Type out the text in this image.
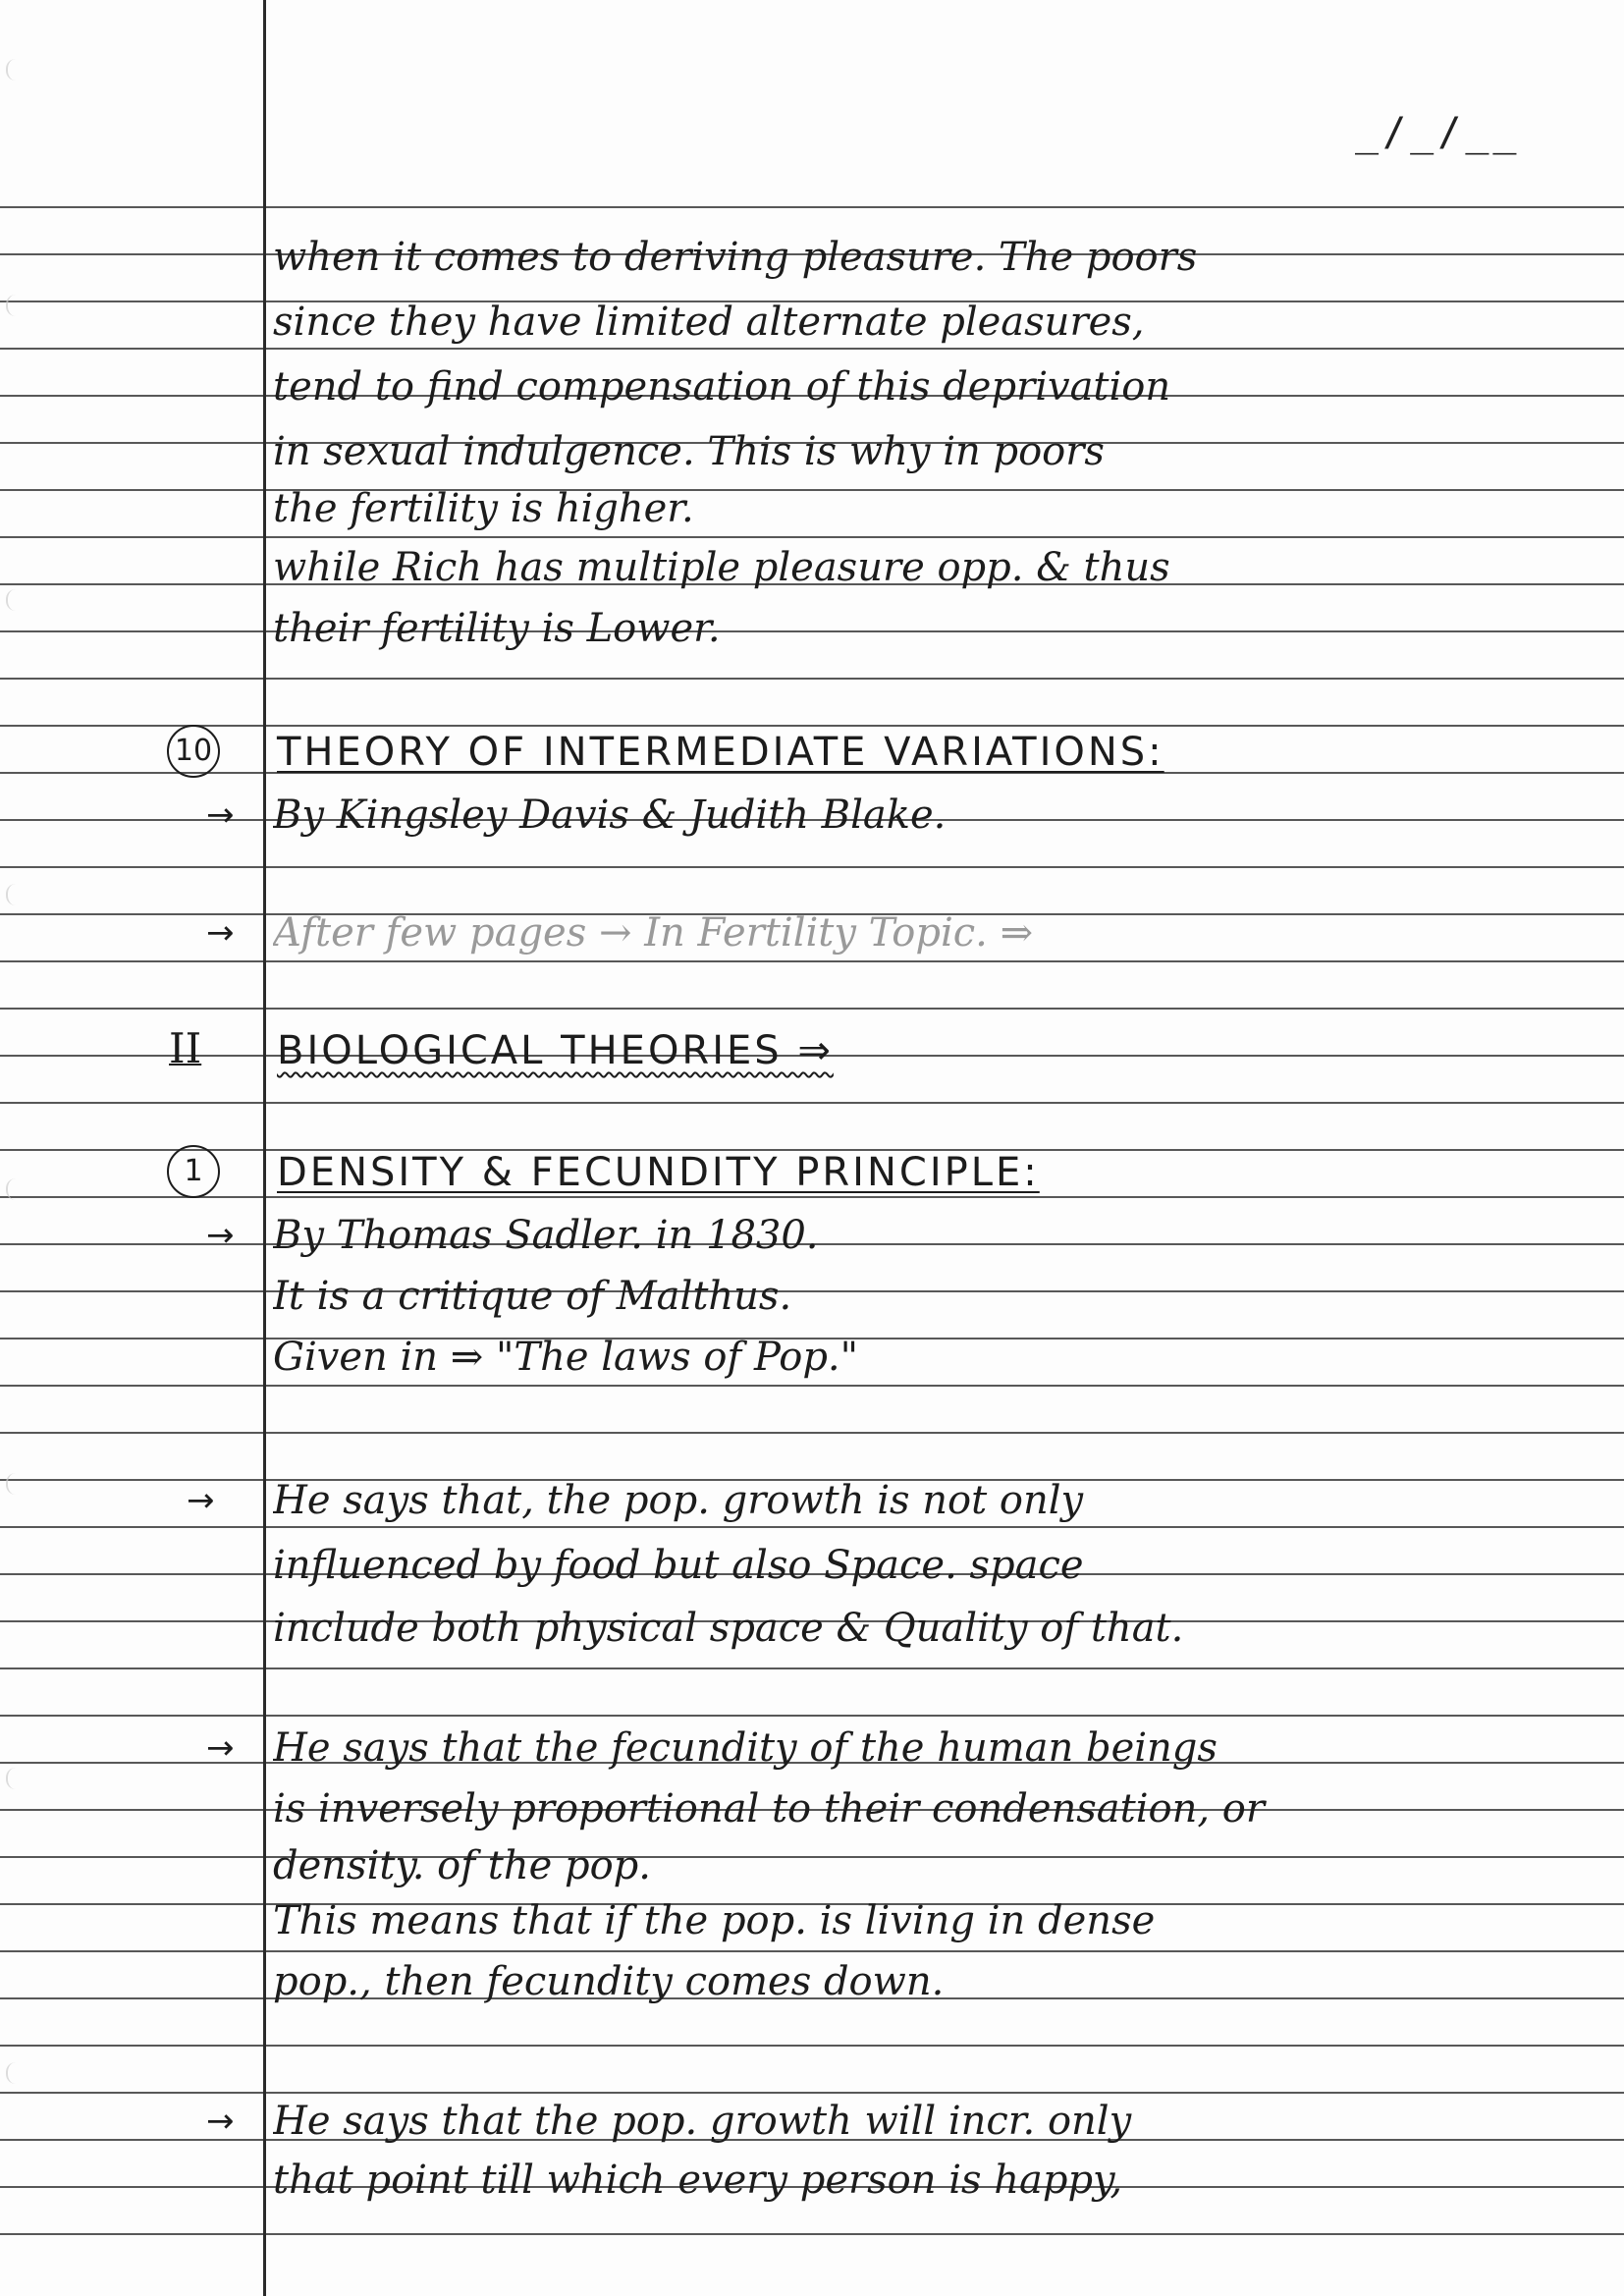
_/_/__
when it comes to deriving pleasure. The poors
since they have limited alternate pleasures,
tend to find compensation of this deprivation
in sexual indulgence. This is why in poors
the fertility is higher.
while Rich has multiple pleasure opp. & thus
their fertility is Lower.
10 THEORY OF INTERMEDIATE VARIATIONS:
→ By Kingsley Davis & Judith Blake.
→ After few pages → In Fertility Topic. ⇒
II BIOLOGICAL THEORIES ⇒
1	DENSITY & FECUNDITY PRINCIPLE:
→ By Thomas Sadler. in 1830.
It is a critique of Malthus.
Given in ⇒ "The laws of Pop."
→ He says that, the pop. growth is not only
influenced by food but also Space. space
include both physical space & Quality of that.
→ He says that the fecundity of the human beings
is inversely proportional to their condensation, or
density. of the pop.
This means that if the pop. is living in dense
pop., then fecundity comes down.
→ He says that the pop. growth will incr. only
that point till which every person is happy,
